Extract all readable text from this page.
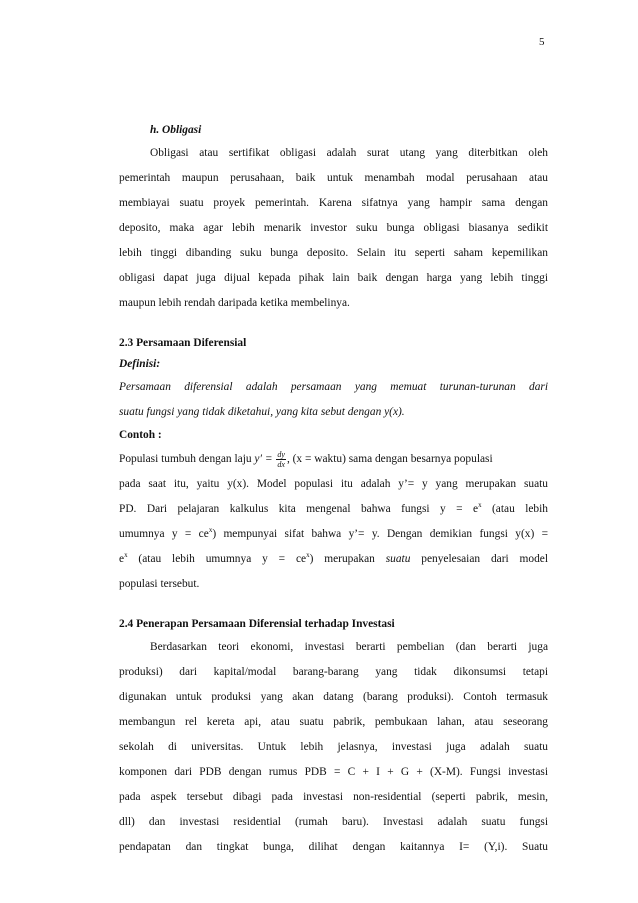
5
h. Obligasi
Obligasi atau sertifikat obligasi adalah surat utang yang diterbitkan oleh
pemerintah maupun perusahaan, baik untuk menambah modal perusahaan atau
membiayai suatu proyek pemerintah. Karena sifatnya yang hampir sama dengan
deposito, maka agar lebih menarik investor suku bunga obligasi biasanya sedikit
lebih tinggi dibanding suku bunga deposito. Selain itu seperti saham kepemilikan
obligasi dapat juga dijual kepada pihak lain baik dengan harga yang lebih tinggi
maupun lebih rendah daripada ketika membelinya.
2.3 Persamaan Diferensial
Definisi:
Persamaan diferensial adalah persamaan yang memuat turunan-turunan dari
suatu fungsi yang tidak diketahui, yang kita sebut dengan y(x).
Contoh :
Populasi tumbuh dengan laju $y' = \frac{dy}{dx}$ , (x = waktu) sama dengan besarnya populasi
pada saat itu, yaitu y(x). Model populasi itu adalah y’= y yang merupakan suatu
PD. Dari pelajaran kalkulus kita mengenal bahwa fungsi $y = e^x$ (atau lebih
umumnya $y = ce^x$) mempunyai sifat bahwa y’= y. Dengan demikian fungsi y(x) =
$e^x$ (atau lebih umumnya $y = ce^x$) merupakan suatu penyelesaian dari model
populasi tersebut.
2.4 Penerapan Persamaan Diferensial terhadap Investasi
Berdasarkan teori ekonomi, investasi berarti pembelian (dan berarti juga
produksi) dari kapital/modal barang-barang yang tidak dikonsumsi tetapi
digunakan untuk produksi yang akan datang (barang produksi). Contoh termasuk
membangun rel kereta api, atau suatu pabrik, pembukaan lahan, atau seseorang
sekolah di universitas. Untuk lebih jelasnya, investasi juga adalah suatu
komponen dari PDB dengan rumus PDB = C + I + G + (X-M). Fungsi investasi
pada aspek tersebut dibagi pada investasi non-residential (seperti pabrik, mesin,
dll) dan investasi residential (rumah baru). Investasi adalah suatu fungsi
pendapatan dan tingkat bunga, dilihat dengan kaitannya I= (Y,i). Suatu
